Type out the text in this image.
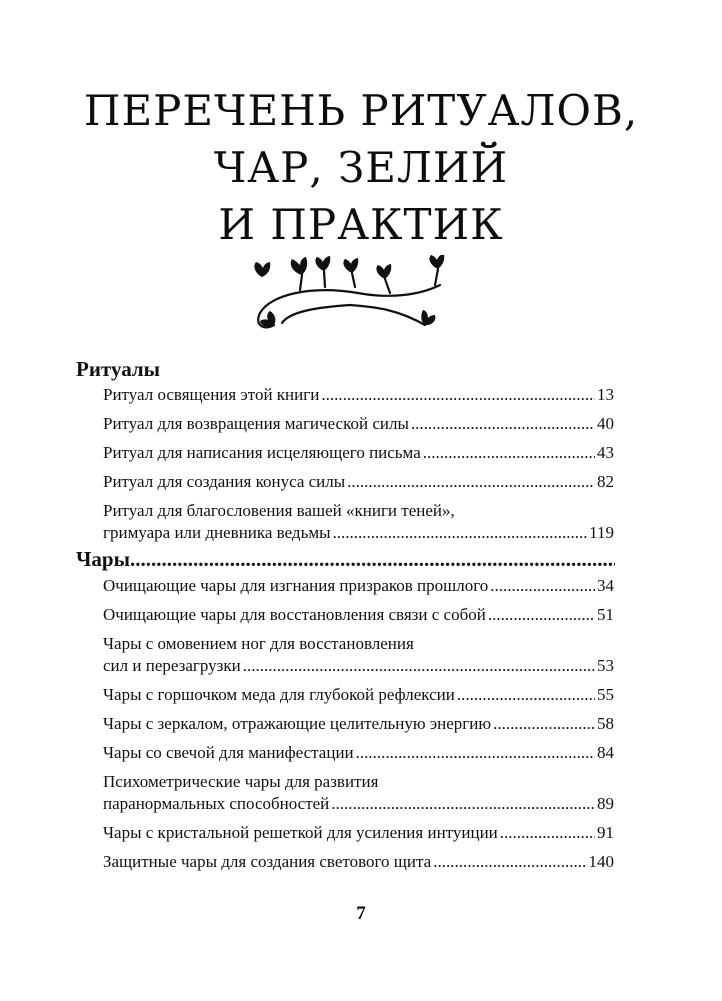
ПЕРЕЧЕНЬ РИТУАЛОВ,
ЧАР, ЗЕЛИЙ
И ПРАКТИК
Ритуалы
Ритуал освящения этой книги .....	13
Ритуал для возвращения магической силы .....	40
Ритуал для написания исцеляющего письма .....	43
Ритуал для создания конуса силы .....	82
Ритуал для благословения вашей «книги теней»,
гримуара или дневника ведьмы .....	119
Чары
.....
Очищающие чары для изгнания призраков прошлого .....	34
Очищающие чары для восстановления связи с собой .....	51
Чары с омовением ног для восстановления
сил и перезагрузки .....	53
Чары с горшочком меда для глубокой рефлексии .....	55
Чары с зеркалом, отражающие целительную энергию .....	58
Чары со свечой для манифестации .....	84
Психометрические чары для развития
паранормальных способностей .....	89
Чары с кристальной решеткой для усиления интуиции .....	91
Защитные чары для создания светового щита .....	140
7
